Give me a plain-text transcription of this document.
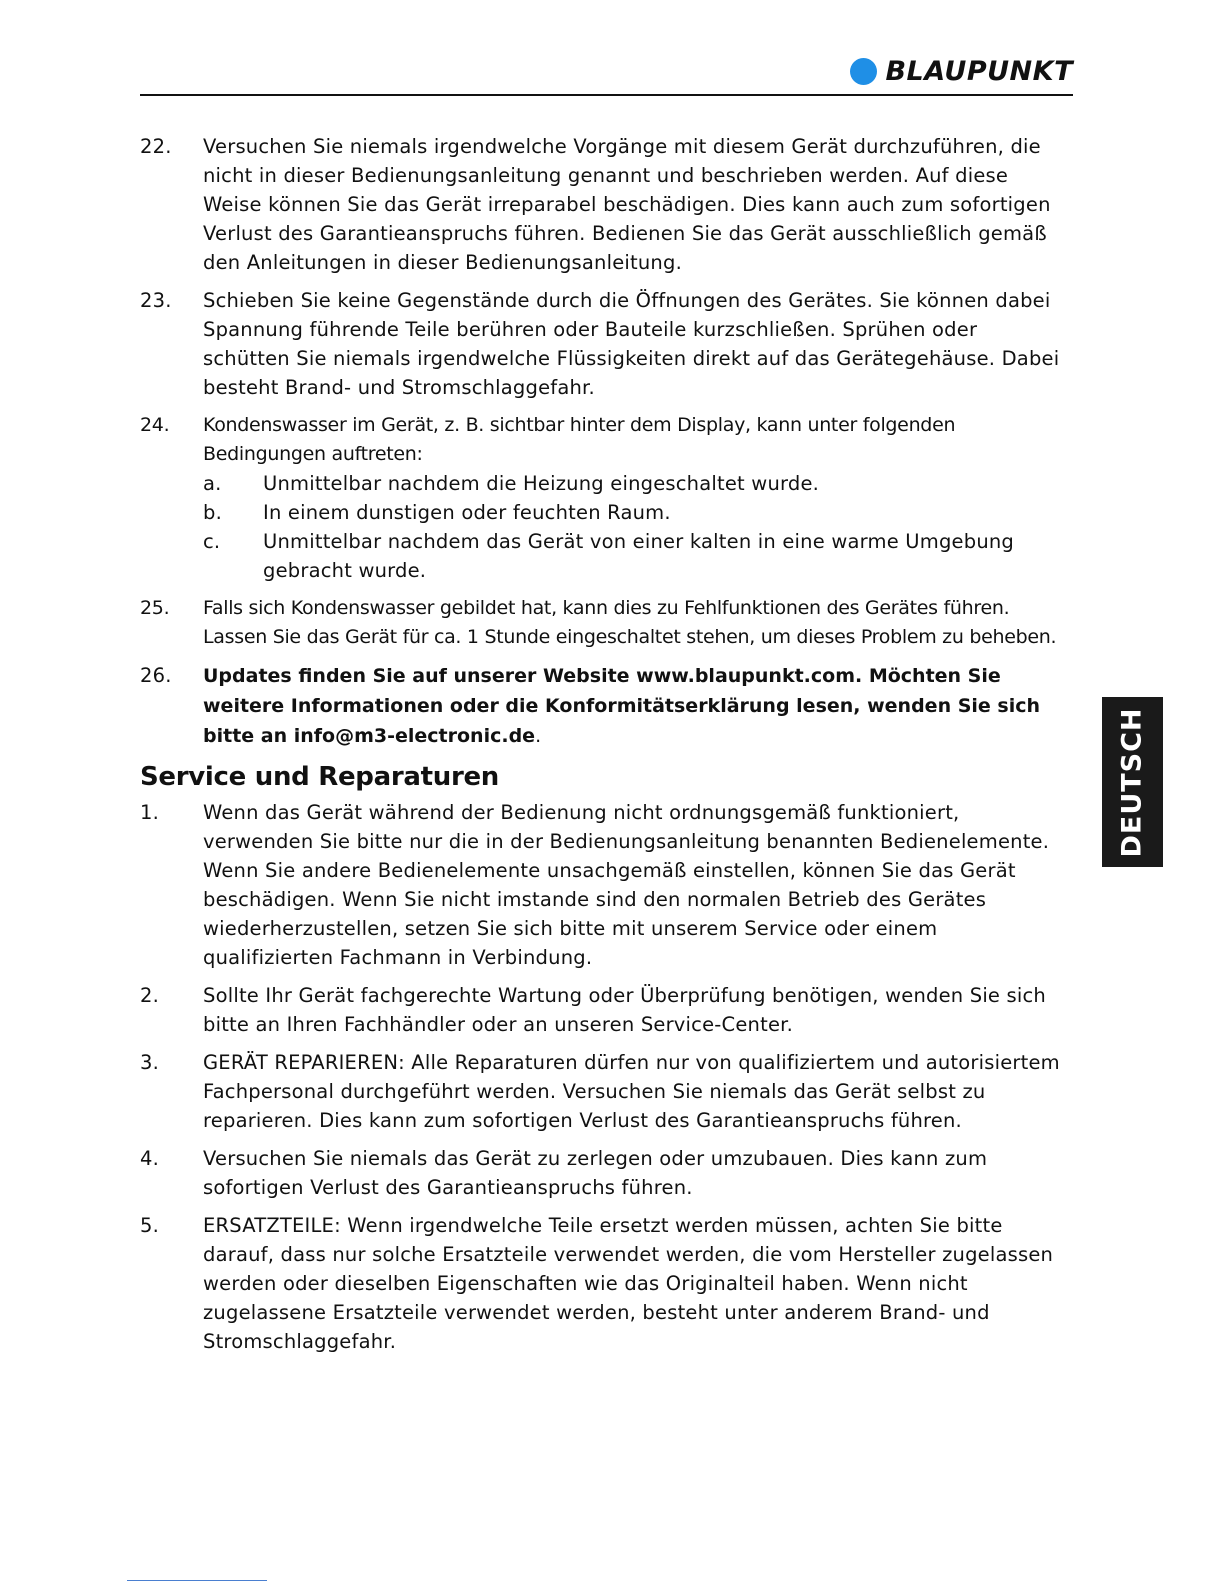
BLAUPUNKT
DEUTSCH
22.	Versuchen Sie niemals irgendwelche Vorgänge mit diesem Gerät durchzuführen, die nicht in dieser Bedienungsanleitung genannt und beschrieben werden. Auf diese Weise können Sie das Gerät irreparabel beschädigen. Dies kann auch zum sofortigen Verlust des Garantieanspruchs führen. Bedienen Sie das Gerät ausschließlich gemäß den Anleitungen in dieser Bedienungsanleitung.
23.	Schieben Sie keine Gegenstände durch die Öffnungen des Gerätes. Sie können dabei Spannung führende Teile berühren oder Bauteile kurzschließen. Sprühen oder schütten Sie niemals irgendwelche Flüssigkeiten direkt auf das Gerätegehäuse. Dabei besteht Brand- und Stromschlaggefahr.
24.	Kondenswasser im Gerät, z. B. sichtbar hinter dem Display, kann unter folgenden Bedingungen auftreten:
a.	Unmittelbar nachdem die Heizung eingeschaltet wurde.
b.	In einem dunstigen oder feuchten Raum.
c.	Unmittelbar nachdem das Gerät von einer kalten in eine warme Umgebung gebracht wurde.
25.	Falls sich Kondenswasser gebildet hat, kann dies zu Fehlfunktionen des Gerätes führen. Lassen Sie das Gerät für ca. 1 Stunde eingeschaltet stehen, um dieses Problem zu beheben.
26.	Updates finden Sie auf unserer Website www.blaupunkt.com. Möchten Sie weitere Informationen oder die Konformitätserklärung lesen, wenden Sie sich bitte an info@m3-electronic.de.
Service und Reparaturen
1.	Wenn das Gerät während der Bedienung nicht ordnungsgemäß funktioniert, verwenden Sie bitte nur die in der Bedienungsanleitung benannten Bedienelemente. Wenn Sie andere Bedienelemente unsachgemäß einstellen, können Sie das Gerät beschädigen. Wenn Sie nicht imstande sind den normalen Betrieb des Gerätes wiederherzustellen, setzen Sie sich bitte mit unserem Service oder einem qualifizierten Fachmann in Verbindung.
2.	Sollte Ihr Gerät fachgerechte Wartung oder Überprüfung benötigen, wenden Sie sich bitte an Ihren Fachhändler oder an unseren Service-Center.
3.	GERÄT REPARIEREN: Alle Reparaturen dürfen nur von qualifiziertem und autorisiertem Fachpersonal durchgeführt werden. Versuchen Sie niemals das Gerät selbst zu reparieren. Dies kann zum sofortigen Verlust des Garantieanspruchs führen.
4.	Versuchen Sie niemals das Gerät zu zerlegen oder umzubauen. Dies kann zum sofortigen Verlust des Garantieanspruchs führen.
5.	ERSATZTEILE: Wenn irgendwelche Teile ersetzt werden müssen, achten Sie bitte darauf, dass nur solche Ersatzteile verwendet werden, die vom Hersteller zugelassen werden oder dieselben Eigenschaften wie das Originalteil haben. Wenn nicht zugelassene Ersatzteile verwendet werden, besteht unter anderem Brand- und Stromschlaggefahr.
